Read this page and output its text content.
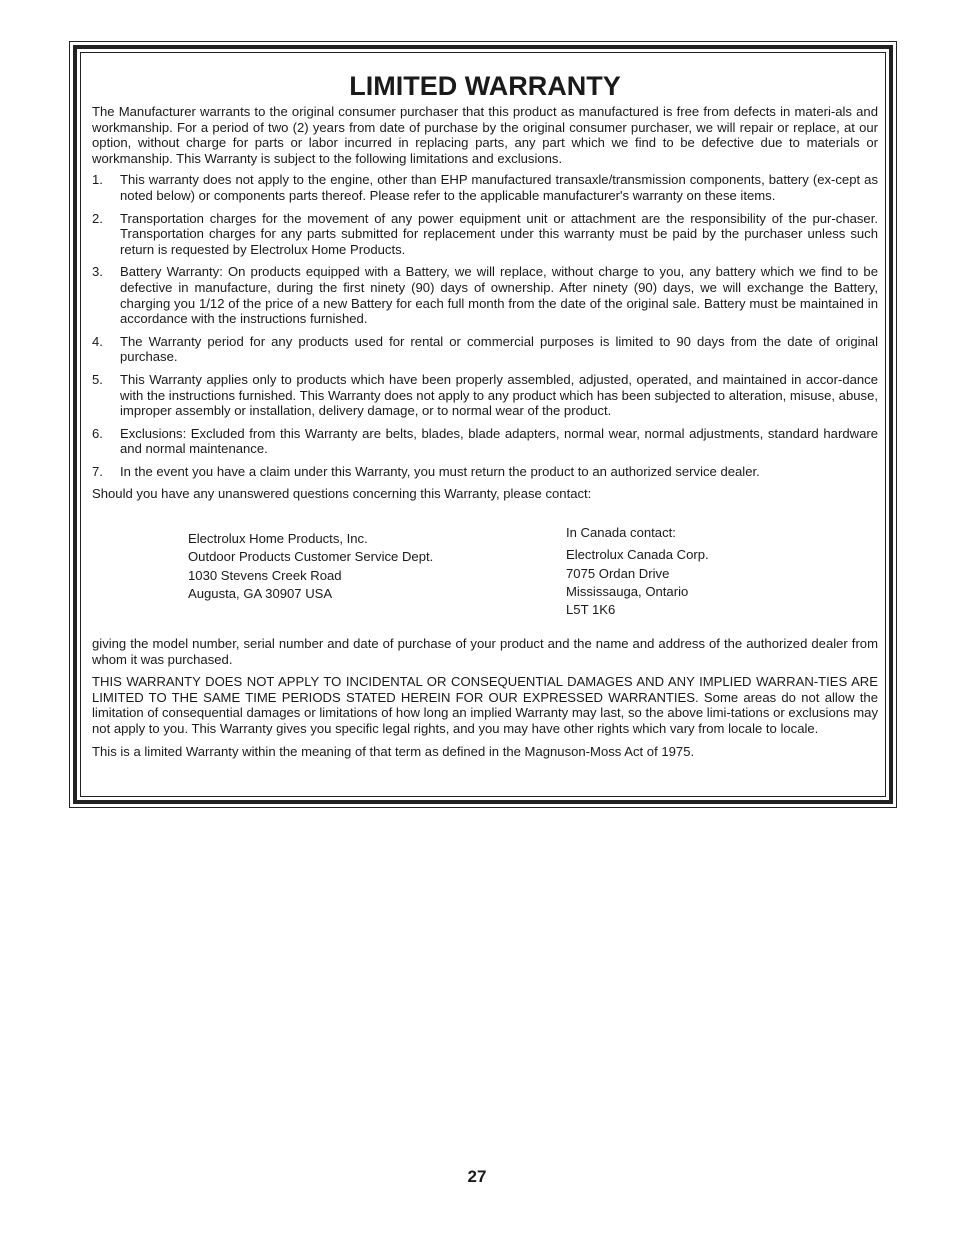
LIMITED WARRANTY

The Manufacturer warrants to the original consumer purchaser that this product as manufactured is free from defects in materi-als and workmanship. For a period of two (2) years from date of purchase by the original consumer purchaser, we will repair or replace, at our option, without charge for parts or labor incurred in replacing parts, any part which we find to be defective due to materials or workmanship. This Warranty is subject to the following limitations and exclusions.

1. This warranty does not apply to the engine, other than EHP manufactured transaxle/transmission components, battery (ex-cept as noted below) or components parts thereof. Please refer to the applicable manufacturer's warranty on these items.
2. Transportation charges for the movement of any power equipment unit or attachment are the responsibility of the pur-chaser. Transportation charges for any parts submitted for replacement under this warranty must be paid by the purchaser unless such return is requested by Electrolux Home Products.
3. Battery Warranty: On products equipped with a Battery, we will replace, without charge to you, any battery which we find to be defective in manufacture, during the first ninety (90) days of ownership. After ninety (90) days, we will exchange the Battery, charging you 1/12 of the price of a new Battery for each full month from the date of the original sale. Battery must be maintained in accordance with the instructions furnished.
4. The Warranty period for any products used for rental or commercial purposes is limited to 90 days from the date of original purchase.
5. This Warranty applies only to products which have been properly assembled, adjusted, operated, and maintained in accor-dance with the instructions furnished. This Warranty does not apply to any product which has been subjected to alteration, misuse, abuse, improper assembly or installation, delivery damage, or to normal wear of the product.
6. Exclusions: Excluded from this Warranty are belts, blades, blade adapters, normal wear, normal adjustments, standard hardware and normal maintenance.
7. In the event you have a claim under this Warranty, you must return the product to an authorized service dealer.

Should you have any unanswered questions concerning this Warranty, please contact:

Electrolux Home Products, Inc.
Outdoor Products Customer Service Dept.
1030 Stevens Creek Road
Augusta, GA 30907 USA
In Canada contact:
Electrolux Canada Corp.
7075 Ordan Drive
Mississauga, Ontario
L5T 1K6

giving the model number, serial number and date of purchase of your product and the name and address of the authorized dealer from whom it was purchased.

THIS WARRANTY DOES NOT APPLY TO INCIDENTAL OR CONSEQUENTIAL DAMAGES AND ANY IMPLIED WARRAN-TIES ARE LIMITED TO THE SAME TIME PERIODS STATED HEREIN FOR OUR EXPRESSED WARRANTIES. Some areas do not allow the limitation of consequential damages or limitations of how long an implied Warranty may last, so the above limi-tations or exclusions may not apply to you. This Warranty gives you specific legal rights, and you may have other rights which vary from locale to locale.

This is a limited Warranty within the meaning of that term as defined in the Magnuson-Moss Act of 1975.

27
